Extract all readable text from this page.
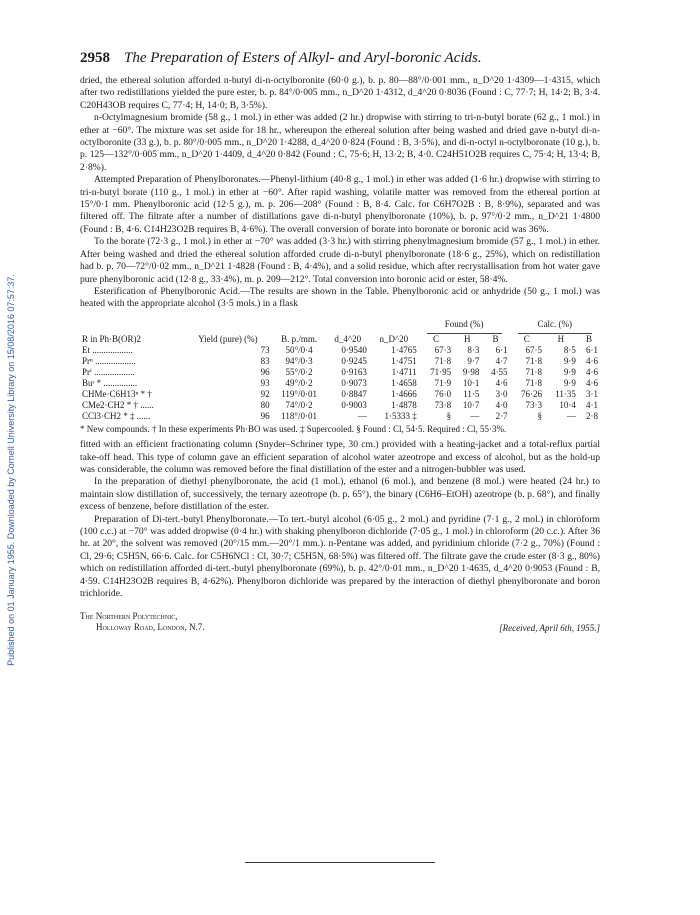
Published on 01 January 1955. Downloaded by Cornell University Library on 15/08/2016 07:57:37.
2958 The Preparation of Esters of Alkyl- and Aryl-boronic Acids.

dried, the ethereal solution afforded n-butyl di-n-octylboronite (60·0 g.), b. p. 80—88°/0·001 mm., n_D^20 1·4309—1·4315, which after two redistillations yielded the pure ester, b. p. 84°/0·005 mm., n_D^20 1·4312, d_4^20 0·8036 (Found : C, 77·7; H, 14·2; B, 3·4. C20H43OB requires C, 77·4; H, 14·0; B, 3·5%).

n-Octylmagnesium bromide (58 g., 1 mol.) in ether was added (2 hr.) dropwise with stirring to tri-n-butyl borate (62 g., 1 mol.) in ether at −60°. The mixture was set aside for 18 hr., whereupon the ethereal solution after being washed and dried gave n-butyl di-n-octylboronite (33 g.), b. p. 80°/0·005 mm., n_D^20 1·4288, d_4^20 0·824 (Found : B, 3·5%), and di-n-octyl n-octylboronate (10 g.), b. p. 125—132°/0·005 mm., n_D^20 1·4409, d_4^20 0·842 (Found : C, 75·6; H, 13·2; B, 4·0. C24H51O2B requires C, 75·4; H, 13·4; B, 2·8%).

Attempted Preparation of Phenylboronates.—Phenyl-lithium (40·8 g., 1 mol.) in ether was added (1·6 hr.) dropwise with stirring to tri-n-butyl borate (110 g., 1 mol.) in ether at −60°. After rapid washing, volatile matter was removed from the ethereal portion at 15°/0·1 mm. Phenylboronic acid (12·5 g.), m. p. 206—208° (Found : B, 8·4. Calc. for C6H7O2B : B, 8·9%), separated and was filtered off. The filtrate after a number of distillations gave di-n-butyl phenylboronate (10%), b. p. 97°/0·2 mm., n_D^21 1·4800 (Found : B, 4·6. C14H23O2B requires B, 4·6%). The overall conversion of borate into boronate or boronic acid was 36%.

To the borate (72·3 g., 1 mol.) in ether at −70° was added (3·3 hr.) with stirring phenylmagnesium bromide (57 g., 1 mol.) in ether. After being washed and dried the ethereal solution afforded crude di-n-butyl phenylboronate (18·6 g., 25%), which on redistillation had b. p. 70—72°/0·02 mm., n_D^21 1·4828 (Found : B, 4·4%), and a solid residue, which after recrystallisation from hot water gave pure phenylboronic acid (12·8 g., 33·4%), m. p. 209—212°. Total conversion into boronic acid or ester, 58·4%.

Esterification of Phenylboronic Acid.—The results are shown in the Table. Phenylboronic acid or anhydride (50 g., 1 mol.) was heated with the appropriate alcohol (3·5 mols.) in a flask

					Found (%)			Calc. (%)		

R in Ph·B(OR)2	Yield (pure) (%)	B. p./mm.	d_4^20	n_D^20	C	H	B	C	H	B
Et ..................	73	50°/0·4	0·9540	1·4765	67·3	8·3	6·1	67·5	8·5	6·1
Prⁿ ..................	83	94°/0·3	0·9245	1·4751	71·8	9·7	4·7	71·8	9·9	4·6
Prⁱ ..................	96	55°/0·2	0·9163	1·4711	71·95	9·98	4·55	71·8	9·9	4·6
Buˢ * ...............	93	49°/0·2	0·9073	1·4658	71·9	10·1	4·6	71·8	9·9	4·6
CHMe·C6H13ⁿ * †	92	119°/0·01	0·8847	1·4666	76·0	11·5	3·0	76·26	11·35	3·1
CMe2·CH2 * † ......	80	74°/0·2	0·9003	1·4878	73·8	10·7	4·0	73·3	10·4	4·1
CCl3·CH2 * ‡ ......	96	118°/0·01	—	1·5333 ‡	§	—	2·7	§	—	2·8

* New compounds. † In these experiments Ph·BO was used. ‡ Supercooled. § Found : Cl, 54·5. Required : Cl, 55·3%.

fitted with an efficient fractionating column (Snyder–Schriner type, 30 cm.) provided with a heating-jacket and a total-reflux partial take-off head. This type of column gave an efficient separation of alcohol water azeotrope and excess of alcohol, but as the hold-up was considerable, the column was removed before the final distillation of the ester and a nitrogen-bubbler was used.

In the preparation of diethyl phenylboronate, the acid (1 mol.), ethanol (6 mol.), and benzene (8 mol.) were heated (24 hr.) to maintain slow distillation of, successively, the ternary azeotrope (b. p. 65°), the binary (C6H6–EtOH) azeotrope (b. p. 68°), and finally excess of benzene, before distillation of the ester.

Preparation of Di-tert.-butyl Phenylboronate.—To tert.-butyl alcohol (6·05 g., 2 mol.) and pyridine (7·1 g., 2 mol.) in chloroform (100 c.c.) at −70° was added dropwise (0·4 hr.) with shaking phenylboron dichloride (7·05 g., 1 mol.) in chloroform (20 c.c.). After 36 hr. at 20°, the solvent was removed (20°/15 mm.—20°/1 mm.). n-Pentane was added, and pyridinium chloride (7·2 g., 70%) (Found : Cl, 29·6; C5H5N, 66·6. Calc. for C5H6NCl : Cl, 30·7; C5H5N, 68·5%) was filtered off. The filtrate gave the crude ester (8·3 g., 80%) which on redistillation afforded di-tert.-butyl phenylboronate (69%), b. p. 42°/0·01 mm., n_D^20 1·4635, d_4^20 0·9053 (Found : B, 4·59. C14H23O2B requires B, 4·62%). Phenylboron dichloride was prepared by the interaction of diethyl phenylboronate and boron trichloride.

The Northern Polytechnic,
Holloway Road, London, N.7.	[Received, April 6th, 1955.]
